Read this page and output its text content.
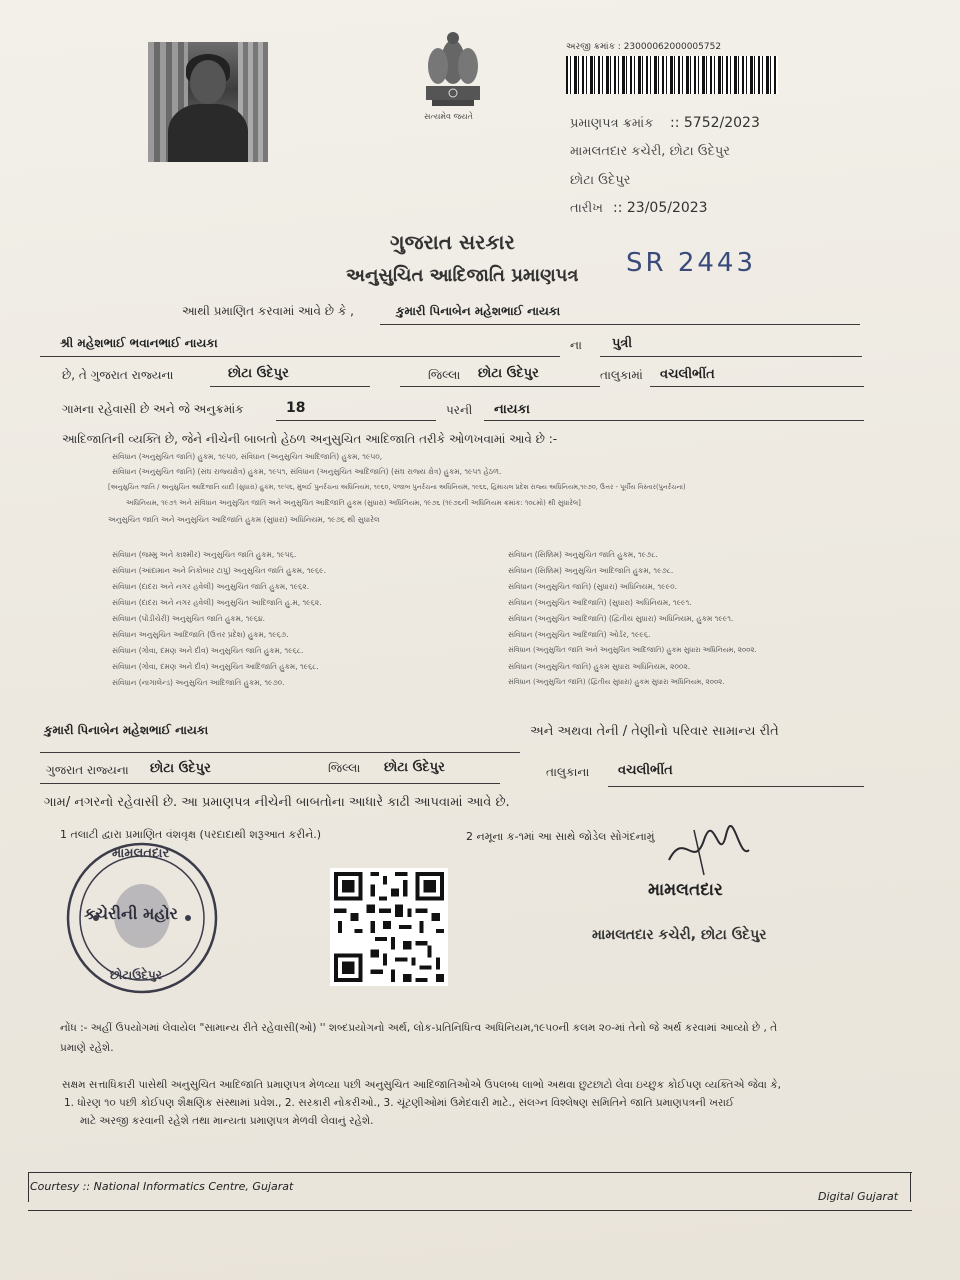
સત્યમેવ જયતે
અરજી ક્રમાંક : 23000062000005752
પ્રમાણપત્ર ક્રમાંક :: 5752/2023
મામલતદાર કચેરી, છોટા ઉદેપુર
છોટા ઉદેપુર
તારીખ :: 23/05/2023
ગુજરાત સરકાર
અનુસુચિત આદિજાતિ પ્રમાણપત્ર SR 2443
આથી પ્રમાણિત કરવામાં આવે છે કે ,	કુમારી પિનાબેન મહેશભાઈ નાયકા
શ્રી મહેશભાઈ ભવાનભાઈ નાયકા	ના પુત્રી
છે, તે ગુજરાત રાજ્યના	છોટા ઉદેપુર	જિલ્લા છોટા ઉદેપુર	તાલુકામાં વચલીભીંત
ગામના રહેવાસી છે અને જે અનુક્રમાંક	18	પરની નાયકા
આદિજાતિની વ્યક્તિ છે, જેને નીચેની બાબતો હેઠળ અનુસુચિત આદિજાતિ તરીકે ઓળખવામાં આવે છે :-
સંવિધાન (અનુસુચિત જાતિ) હુકમ, ૧૯૫૦, સંવિધાન (અનુસુચિત આદિજાતિ) હુકમ, ૧૯૫૦,
સંવિધાન (અનુસુચિત જાતિ) (સંઘ રાજ્યક્ષેત્ર) હુકમ, ૧૯૫૧, સંવિધાન (અનુસુચિત આદિજાતિ) (સંઘ રાજ્ય ક્ષેત્ર) હુકમ, ૧૯૫૧ હેઠળ.
[અનુસુચિત જાતિ / અનુસુચિત આદિજાતિ યાદી (સુધારા) હુકમ, ૧૯૫૬, મુંબઈ પુનર્રચના અધિનિયમ, ૧૯૬૦, પંજાબ પુનર્રચના અધિનિયમ, ૧૯૬૬, હિમાચલ પ્રદેશ રાજ્ય અધિનિયમ,૧૯૭૦, ઉત્તર - પૂર્વીય વિસ્તાર(પુનર્રચના)
અધિનિયમ, ૧૯૭૧ અને સંવિધાન અનુસુચિત જાતિ અને અનુસુચિત આદિજાતિ હુકમ (સુધારા) અધિનિયમ, ૧૯૭૬ (૧૯૭૬ની અધિનિયમ ક્રમાંક: ૧૦૮મો) થી સુધારેલ]
અનુસુચિત જાતિ અને અનુસુચિત આદિજાતિ હુકમ (સુધારા) અધિનિયમ, ૧૯૭૬ થી સુધારેલ
સંવિધાન (જમ્મુ અને કાશ્મીર) અનુસુચિત જાતિ હુકમ, ૧૯૫૬.
સંવિધાન (આંદામાન અને નિકોબાર ટાપુ) અનુસુચિત જાતિ હુકમ, ૧૯૬૯.
સંવિધાન (દાદરા અને નગર હવેલી) અનુસુચિત જાતિ હુકમ, ૧૯૬૨.
સંવિધાન (દાદરા અને નગર હવેલી) અનુસુચિત આદિજાતિ હુ.મ, ૧૯૬૨.
સંવિધાન (પોંડીચેરી) અનુસુચિત જાતિ હુકમ, ૧૯૬૪.
સંવિધાન અનુસુચિત આદિજાતિ (ઉત્તર પ્રદેશ) હુકમ, ૧૯૬૭.
સંવિધાન (ગોવા, દમણ અને દીવ) અનુસુચિત જાતિ હુકમ, ૧૯૬૮.
સંવિધાન (ગોવા, દમણ અને દીવ) અનુસુચિત આદિજાતિ હુકમ, ૧૯૬૮.
સંવિધાન (નાગાલેન્ડ) અનુસુચિત આદિજાતિ હુકમ, ૧૯૭૦.
સંવિધાન (સિક્કિમ) અનુસુચિત જાતિ હુકમ, ૧૯૭૮.
સંવિધાન (સિક્કિમ) અનુસુચિત આદિજાતિ હુકમ, ૧૯૭૮.
સંવિધાન (અનુસુચિત જાતિ) (સુધારા) અધિનિયમ, ૧૯૯૦.
સંવિધાન (અનુસુચિત આદિજાતિ) (સુધારા) અધિનિયમ, ૧૯૯૧.
સંવિધાન (અનુસુચિત આદિજાતિ) (દ્વિતીય સુધારા) અધિનિયમ, હુકમ ૧૯૯૧.
સંવિધાન (અનુસુચિત આદિજાતિ) ઓર્ડર, ૧૯૯૬.
સંવિધાન (અનુસુચિત જાતિ અને અનુસુચિત આદિજાતિ) હુકમ સુધારા અધિનિયમ, ૨૦૦૨.
સંવિધાન (અનુસુચિત જાતિ) હુકમ સુધારા અધિનિયમ, ૨૦૦૨.
સંવિધાન (અનુસુચિત જાતિ) (દ્વિતીય સુધારા) હુકમ સુધારા અધિનિયમ, ૨૦૦૨.
કુમારી પિનાબેન મહેશભાઈ નાયકા	અને અથવા તેની / તેણીનો પરિવાર સામાન્ય રીતે
ગુજરાત રાજ્યના છોટા ઉદેપુર	જિલ્લા છોટા ઉદેપુર	તાલુકાના વચલીભીંત
ગામ/ નગરનો રહેવાસી છે. આ પ્રમાણપત્ર નીચેની બાબતોના આધારે કાઢી આપવામાં આવે છે.
1 તલાટી દ્વારા પ્રમાણિત વંશવૃક્ષ (પરદાદાથી શરૂઆત કરીને.)	2 નમૂના ક-૧માં આ સાથે જોડેલ સોગંદનામું
મામલતદાર
કચેરીની મહોર
છોટાઉદેપુર
મામલતદાર
મામલતદાર કચેરી, છોટા ઉદેપુર
નોંધ :- અહીં ઉપયોગમાં લેવાયેલ "સામાન્ય રીતે રહેવાસી(ઓ) '' શબ્દપ્રયોગનો અર્થ, લોક-પ્રતિનિધિત્વ અધિનિયમ,૧૯૫૦ની કલમ ૨૦-માં તેનો જે અર્થ કરવામાં આવ્યો છે , તે
પ્રમાણે રહેશે.
સક્ષમ સત્તાધિકારી પાસેથી અનુસુચિત આદિજાતિ પ્રમાણપત્ર મેળવ્યા પછી અનુસુચિત આદિજાતિઓએ ઉપલબ્ધ લાભો અથવા છુટછાટો લેવા ઇચ્છુક કોઈપણ વ્યક્તિએ જેવા કે,
1. ધોરણ ૧૦ પછી કોઈપણ શૈક્ષણિક સંસ્થામાં પ્રવેશ., 2. સરકારી નોકરીઓ., 3. ચૂંટણીઓમાં ઉમેદવારી માટે., સંલગ્ન વિશ્લેષણ સમિતિને જાતિ પ્રમાણપત્રની ખરાઈ
માટે અરજી કરવાની રહેશે તથા માન્યતા પ્રમાણપત્ર મેળવી લેવાનું રહેશે.
Courtesy :: National Informatics Centre, Gujarat
Digital Gujarat
